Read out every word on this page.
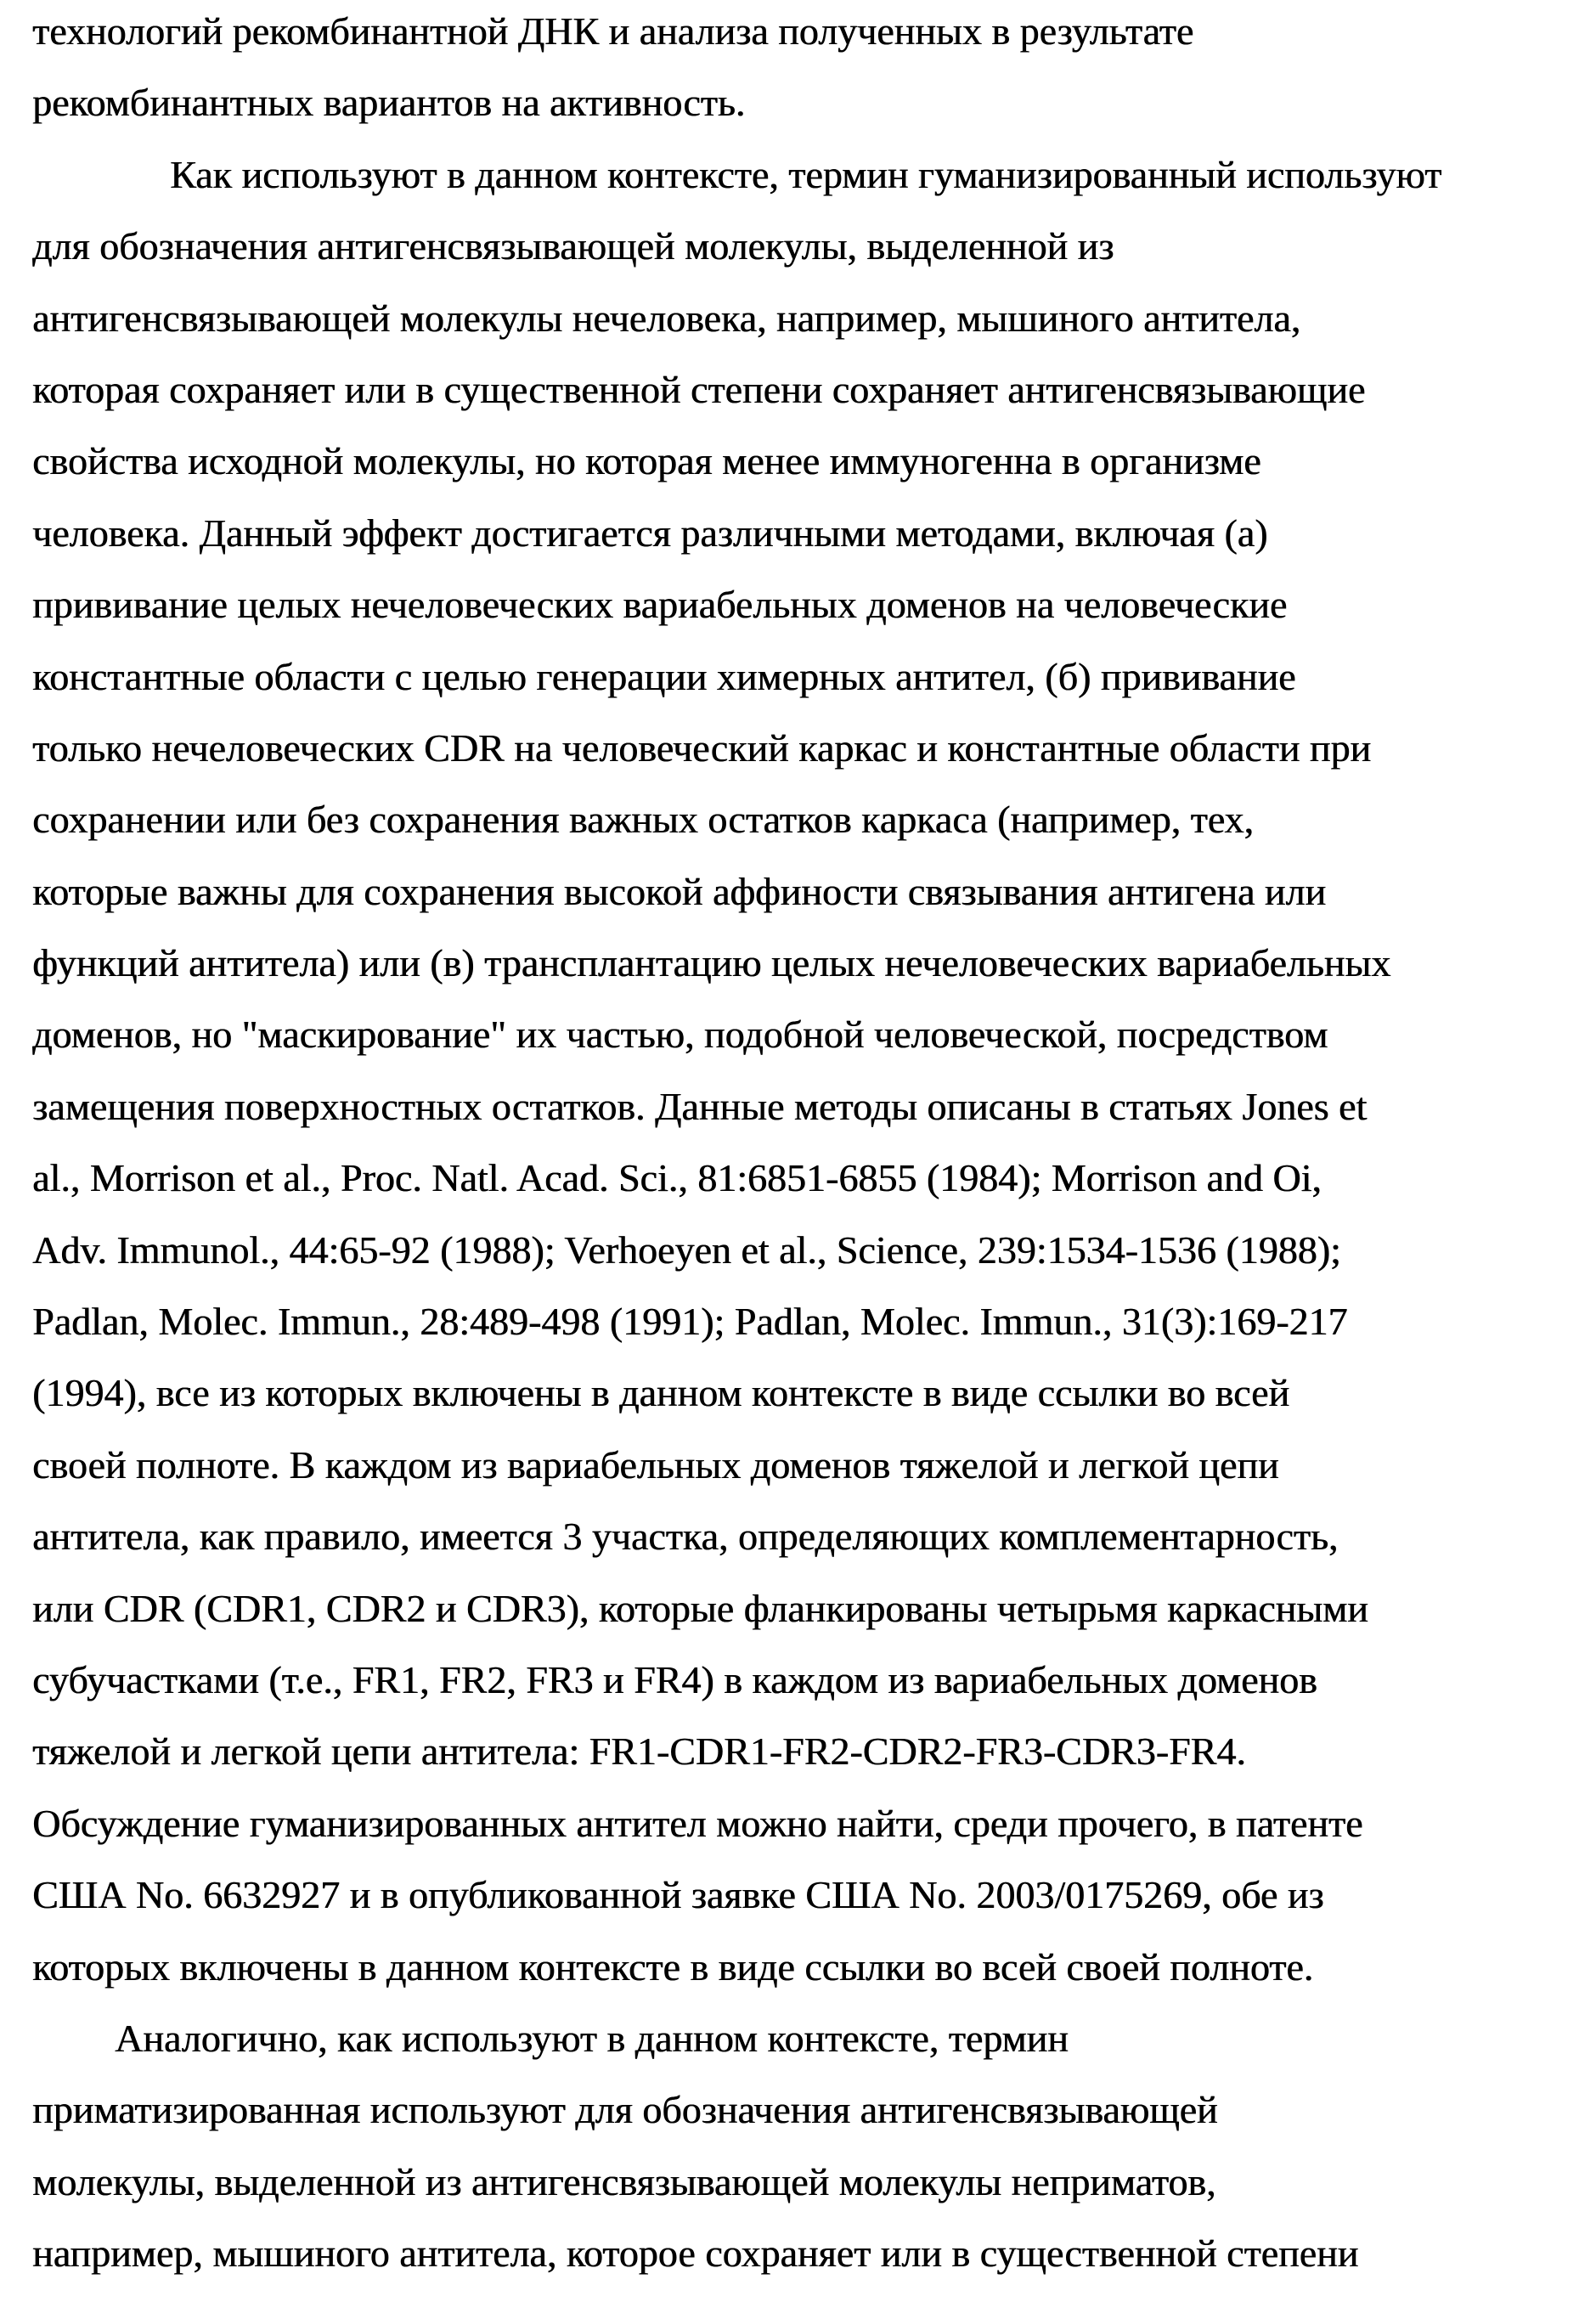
технологий рекомбинантной ДНК и анализа полученных в результате
рекомбинантных вариантов на активность.
Как используют в данном контексте, термин гуманизированный используют
для обозначения антигенсвязывающей молекулы, выделенной из
антигенсвязывающей молекулы нечеловека, например, мышиного антитела,
которая сохраняет или в существенной степени сохраняет антигенсвязывающие
свойства исходной молекулы, но которая менее иммуногенна в организме
человека. Данный эффект достигается различными методами, включая (а)
прививание целых нечеловеческих вариабельных доменов на человеческие
константные области с целью генерации химерных антител, (б) прививание
только нечеловеческих CDR на человеческий каркас и константные области при
сохранении или без сохранения важных остатков каркаса (например, тех,
которые важны для сохранения высокой аффиности связывания антигена или
функций антитела) или (в) трансплантацию целых нечеловеческих вариабельных
доменов, но "маскирование" их частью, подобной человеческой, посредством
замещения поверхностных остатков. Данные методы описаны в статьях Jones et
al., Morrison et al., Proc. Natl. Acad. Sci., 81:6851-6855 (1984); Morrison and Oi,
Adv. Immunol., 44:65-92 (1988); Verhoeyen et al., Science, 239:1534-1536 (1988);
Padlan, Molec. Immun., 28:489-498 (1991); Padlan, Molec. Immun., 31(3):169-217
(1994), все из которых включены в данном контексте в виде ссылки во всей
своей полноте. В каждом из вариабельных доменов тяжелой и легкой цепи
антитела, как правило, имеется 3 участка, определяющих комплементарность,
или CDR (CDR1, CDR2 и CDR3), которые фланкированы четырьмя каркасными
субучастками (т.е., FR1, FR2, FR3 и FR4) в каждом из вариабельных доменов
тяжелой и легкой цепи антитела: FR1-CDR1-FR2-CDR2-FR3-CDR3-FR4.
Обсуждение гуманизированных антител можно найти, среди прочего, в патенте
США No. 6632927 и в опубликованной заявке США No. 2003/0175269, обе из
которых включены в данном контексте в виде ссылки во всей своей полноте.
Аналогично, как используют в данном контексте, термин
приматизированная используют для обозначения антигенсвязывающей
молекулы, выделенной из антигенсвязывающей молекулы неприматов,
например, мышиного антитела, которое сохраняет или в существенной степени
